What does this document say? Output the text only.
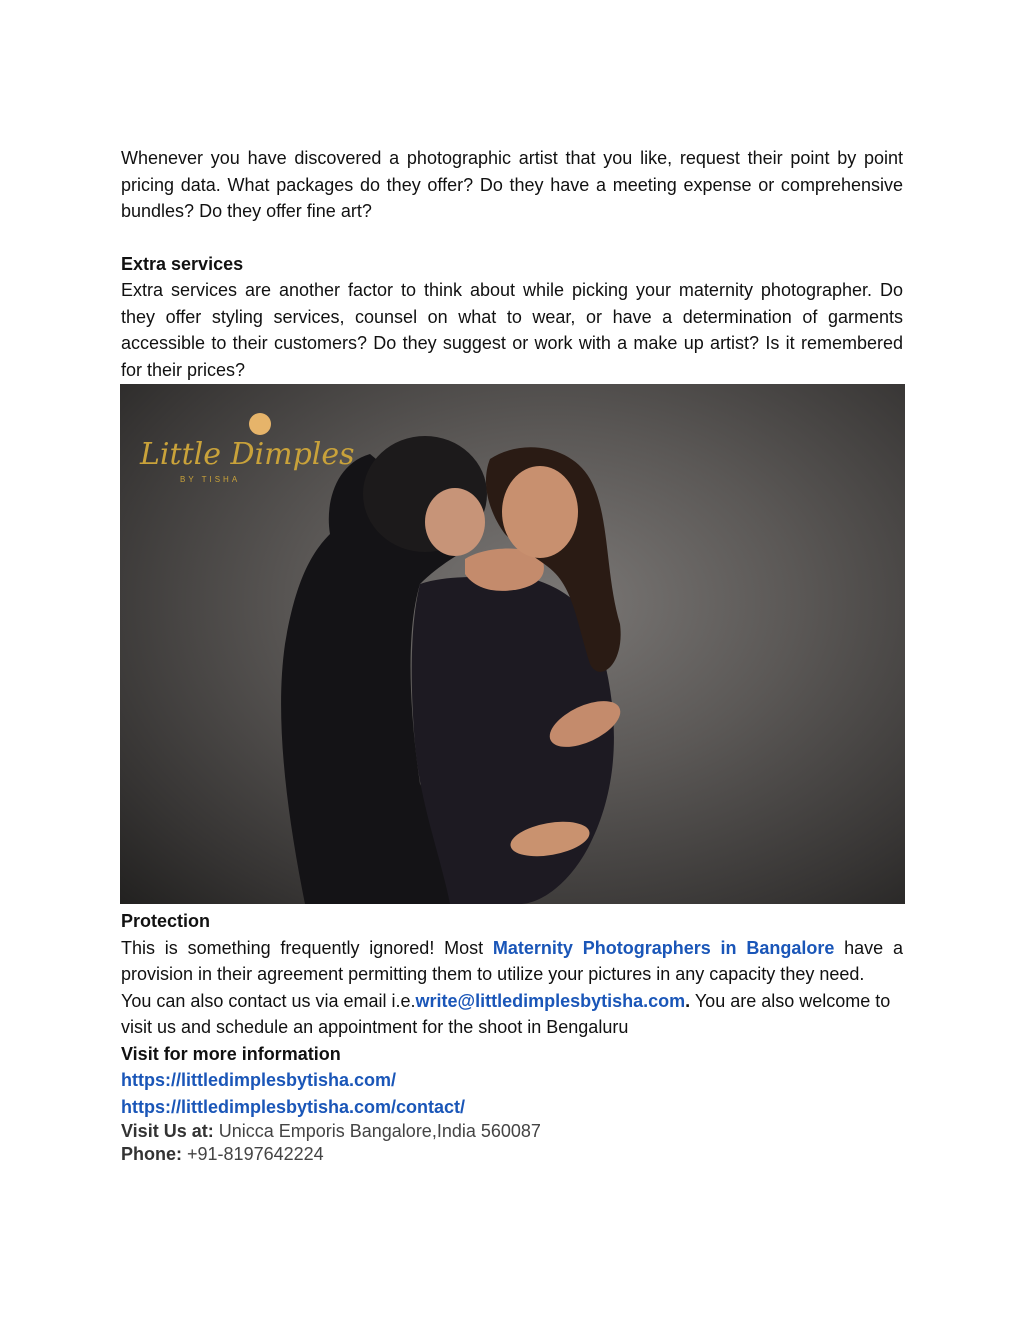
Whenever you have discovered a photographic artist that you like, request their point by point pricing data. What packages do they offer? Do they have a meeting expense or comprehensive bundles? Do they offer fine art?

Extra services

Extra services are another factor to think about while picking your maternity photographer. Do they offer styling services, counsel on what to wear, or have a determination of garments accessible to their customers? Do they suggest or work with a make up artist? Is it remembered for their prices?

Little Dimples
BY TISHA

Protection

This is something frequently ignored! Most Maternity Photographers in Bangalore have a provision in their agreement permitting them to utilize your pictures in any capacity they need.

You can also contact us via email i.e.write@littledimplesbytisha.com. You are also welcome to visit us and schedule an appointment for the shoot in Bengaluru

Visit for more information

https://littledimplesbytisha.com/

https://littledimplesbytisha.com/contact/

Visit Us at: Unicca Emporis Bangalore,India 560087

Phone: +91-8197642224
